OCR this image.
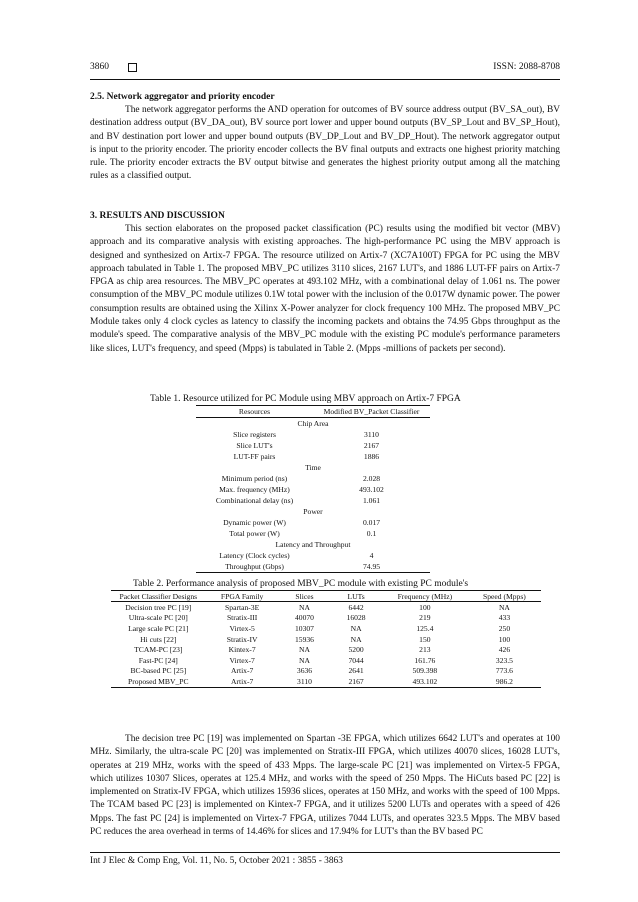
3860	ISSN: 2088-8708
2.5. Network aggregator and priority encoder

The network aggregator performs the AND operation for outcomes of BV source address output (BV_SA_out), BV destination address output (BV_DA_out), BV source port lower and upper bound outputs (BV_SP_Lout and BV_SP_Hout), and BV destination port lower and upper bound outputs (BV_DP_Lout and BV_DP_Hout). The network aggregator output is input to the priority encoder. The priority encoder collects the BV final outputs and extracts one highest priority matching rule. The priority encoder extracts the BV output bitwise and generates the highest priority output among all the matching rules as a classified output.

3. RESULTS AND DISCUSSION

This section elaborates on the proposed packet classification (PC) results using the modified bit vector (MBV) approach and its comparative analysis with existing approaches. The high-performance PC using the MBV approach is designed and synthesized on Artix-7 FPGA. The resource utilized on Artix-7 (XC7A100T) FPGA for PC using the MBV approach tabulated in Table 1. The proposed MBV_PC utilizes 3110 slices, 2167 LUT's, and 1886 LUT-FF pairs on Artix-7 FPGA as chip area resources. The MBV_PC operates at 493.102 MHz, with a combinational delay of 1.061 ns. The power consumption of the MBV_PC module utilizes 0.1W total power with the inclusion of the 0.017W dynamic power. The power consumption results are obtained using the Xilinx X-Power analyzer for clock frequency 100 MHz. The proposed MBV_PC Module takes only 4 clock cycles as latency to classify the incoming packets and obtains the 74.95 Gbps throughput as the module's speed. The comparative analysis of the MBV_PC module with the existing PC module's performance parameters like slices, LUT's frequency, and speed (Mpps) is tabulated in Table 2. (Mpps -millions of packets per second).

Table 1. Resource utilized for PC Module using MBV approach on Artix-7 FPGA
Resources	Modified BV_Packet Classifier
Chip Area	
Slice registers	3110
Slice LUT's	2167
LUT-FF pairs	1886
Time	
Minimum period (ns)	2.028
Max. frequency (MHz)	493.102
Combinational delay (ns)	1.061
Power	
Dynamic power (W)	0.017
Total power (W)	0.1
Latency and Throughput	
Latency (Clock cycles)	4
Throughput (Gbps)	74.95
Table 2. Performance analysis of proposed MBV_PC module with existing PC module's
Packet Classifier Designs	FPGA Family	Slices	LUTs	Frequency (MHz)	Speed (Mpps)
Decision tree PC [19]	Spartan-3E	NA	6442	100	NA
Ultra-scale PC [20]	Stratix-III	40070	16028	219	433
Large scale PC [21]	Virtex-5	10307	NA	125.4	250
Hi cuts [22]	Stratix-IV	15936	NA	150	100
TCAM-PC [23]	Kintex-7	NA	5200	213	426
Fast-PC [24]	Virtex-7	NA	7044	161.76	323.5
BC-based PC [25]	Artix-7	3636	2641	509.398	773.6
Proposed MBV_PC	Artix-7	3110	2167	493.102	986.2

The decision tree PC [19] was implemented on Spartan -3E FPGA, which utilizes 6642 LUT's and operates at 100 MHz. Similarly, the ultra-scale PC [20] was implemented on Stratix-III FPGA, which utilizes 40070 slices, 16028 LUT's, operates at 219 MHz, works with the speed of 433 Mpps. The large-scale PC [21] was implemented on Virtex-5 FPGA, which utilizes 10307 Slices, operates at 125.4 MHz, and works with the speed of 250 Mpps. The HiCuts based PC [22] is implemented on Stratix-IV FPGA, which utilizes 15936 slices, operates at 150 MHz, and works with the speed of 100 Mpps. The TCAM based PC [23] is implemented on Kintex-7 FPGA, and it utilizes 5200 LUTs and operates with a speed of 426 Mpps. The fast PC [24] is implemented on Virtex-7 FPGA, utilizes 7044 LUTs, and operates 323.5 Mpps. The MBV based PC reduces the area overhead in terms of 14.46% for slices and 17.94% for LUT's than the BV based PC

Int J Elec & Comp Eng, Vol. 11, No. 5, October 2021 : 3855 - 3863
